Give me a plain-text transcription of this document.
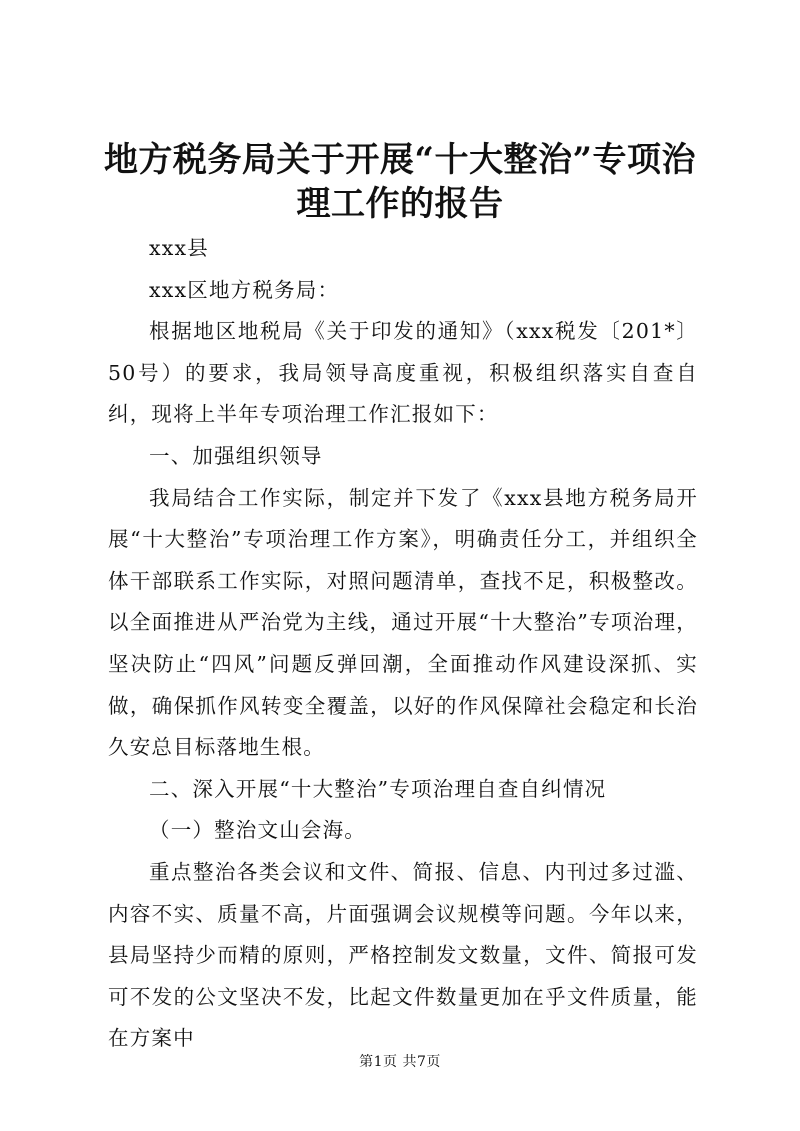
地方税务局关于开展“十大整治”专项治理工作的报告

xxx县

xxx区地方税务局：

根据地区地税局《关于印发的通知》（xxx税发〔201*〕50号）的要求，我局领导高度重视，积极组织落实自查自纠，现将上半年专项治理工作汇报如下：

一、加强组织领导

我局结合工作实际，制定并下发了《xxx县地方税务局开展“十大整治”专项治理工作方案》，明确责任分工，并组织全体干部联系工作实际，对照问题清单，查找不足，积极整改。以全面推进从严治党为主线，通过开展“十大整治”专项治理，坚决防止“四风”问题反弹回潮，全面推动作风建设深抓、实做，确保抓作风转变全覆盖，以好的作风保障社会稳定和长治久安总目标落地生根。

二、深入开展“十大整治”专项治理自查自纠情况

（一）整治文山会海。

重点整治各类会议和文件、简报、信息、内刊过多过滥、内容不实、质量不高，片面强调会议规模等问题。今年以来，县局坚持少而精的原则，严格控制发文数量，文件、简报可发可不发的公文坚决不发，比起文件数量更加在乎文件质量，能在方案中

第1页 共7页
